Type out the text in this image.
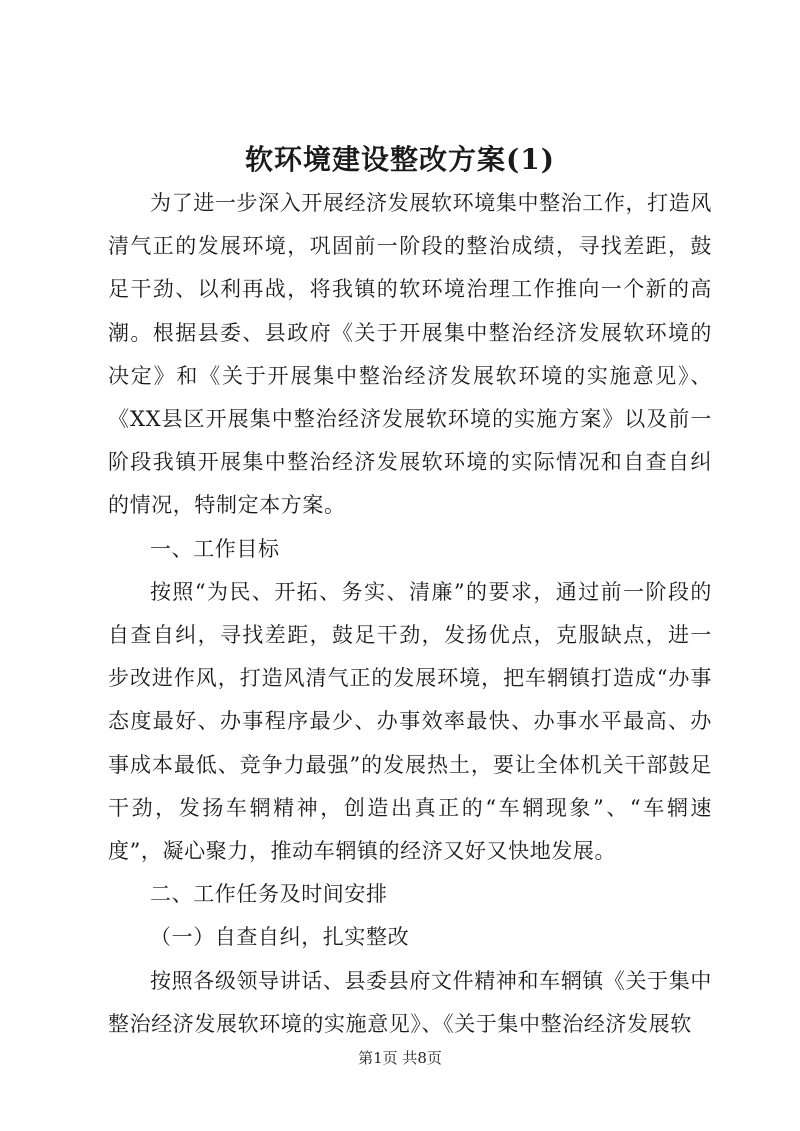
软环境建设整改方案(1)

为了进一步深入开展经济发展软环境集中整治工作，打造风清气正的发展环境，巩固前一阶段的整治成绩，寻找差距，鼓足干劲、以利再战，将我镇的软环境治理工作推向一个新的高潮。根据县委、县政府《关于开展集中整治经济发展软环境的决定》和《关于开展集中整治经济发展软环境的实施意见》、《XX县区开展集中整治经济发展软环境的实施方案》以及前一阶段我镇开展集中整治经济发展软环境的实际情况和自查自纠的情况，特制定本方案。

一、工作目标

按照“为民、开拓、务实、清廉”的要求，通过前一阶段的自查自纠，寻找差距，鼓足干劲，发扬优点，克服缺点，进一步改进作风，打造风清气正的发展环境，把车辋镇打造成“办事态度最好、办事程序最少、办事效率最快、办事水平最高、办事成本最低、竞争力最强”的发展热土，要让全体机关干部鼓足干劲，发扬车辋精神，创造出真正的“车辋现象”、“车辋速度”，凝心聚力，推动车辋镇的经济又好又快地发展。

二、工作任务及时间安排

（一）自查自纠，扎实整改

按照各级领导讲话、县委县府文件精神和车辋镇《关于集中整治经济发展软环境的实施意见》、《关于集中整治经济发展软

第1页 共8页
